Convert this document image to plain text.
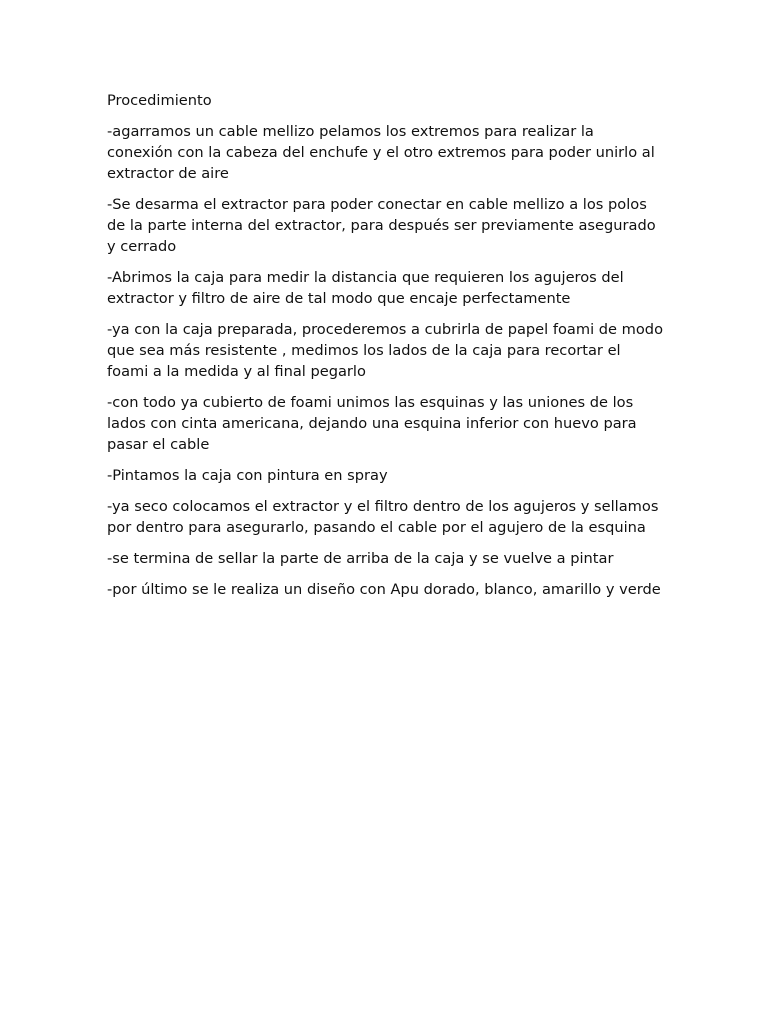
Procedimiento

-agarramos un cable mellizo pelamos los extremos para realizar la conexión con la cabeza del enchufe y el otro extremos para poder unirlo al extractor de aire

-Se desarma el extractor para poder conectar en cable mellizo a los polos de la parte interna del extractor, para después ser previamente asegurado y cerrado

-Abrimos la caja para medir la distancia que requieren los agujeros del extractor y filtro de aire de tal modo que encaje perfectamente

-ya con la caja preparada, procederemos a cubrirla de papel foami de modo que sea más resistente , medimos los lados de la caja para recortar el foami a la medida y al final pegarlo

-con todo ya cubierto de foami unimos las esquinas y las uniones de los lados con cinta americana, dejando una esquina inferior con huevo para pasar el cable

-Pintamos la caja con pintura en spray

-ya seco colocamos el extractor y el filtro dentro de los agujeros y sellamos por dentro para asegurarlo, pasando el cable por el agujero de la esquina

-se termina de sellar la parte de arriba de la caja y se vuelve a pintar

-por último se le realiza un diseño con Apu dorado, blanco, amarillo y verde
